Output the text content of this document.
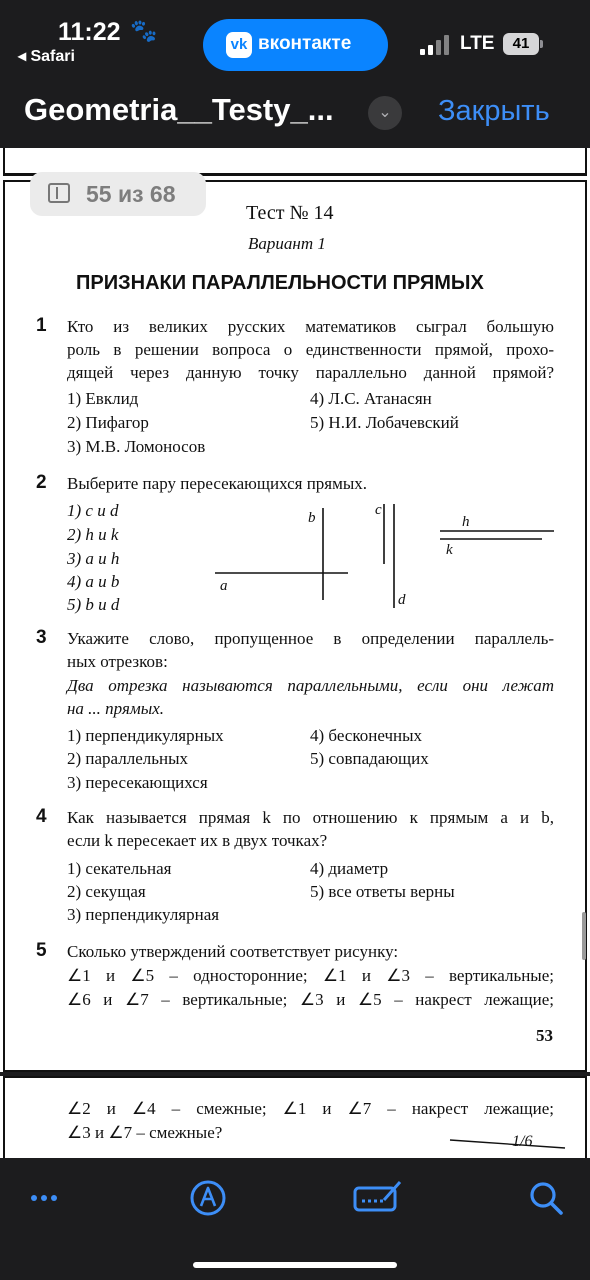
11:22 🐾
◂ Safari
vk вконтакте	LTE	41
Geometria__Testy_...	⌄	Закрыть
55 из 68
Тест № 14
Вариант 1
ПРИЗНАКИ ПАРАЛЛЕЛЬНОСТИ ПРЯМЫХ
1 Кто из великих русских математиков сыграл большую
роль в решении вопроса о единственности прямой, прохо-
дящей через данную точку параллельно данной прямой?
1) Евклид
2) Пифагор
3) М.В. Ломоносов
4) Л.С. Атанасян
5) Н.И. Лобачевский
2 Выберите пару пересекающихся прямых.
1) c и d
2) h и k
3) a и h
4) a и b
5) b и d
b
a
c
d
h
k
3 Укажите слово, пропущенное в определении параллель-
ных отрезков:
Два отрезка называются параллельными, если они лежат
на ... прямых.
1) перпендикулярных
2) параллельных
3) пересекающихся
4) бесконечных
5) совпадающих
4 Как называется прямая k по отношению к прямым a и b,
если k пересекает их в двух точках?
1) секательная
2) секущая
3) перпендикулярная
4) диаметр
5) все ответы верны
5 Сколько утверждений соответствует рисунку:
∠1 и ∠5 – односторонние; ∠1 и ∠3 – вертикальные;
∠6 и ∠7 – вертикальные; ∠3 и ∠5 – накрест лежащие;
53
∠2 и ∠4 – смежные; ∠1 и ∠7 – накрест лежащие;
∠3 и ∠7 – смежные?	1/6
